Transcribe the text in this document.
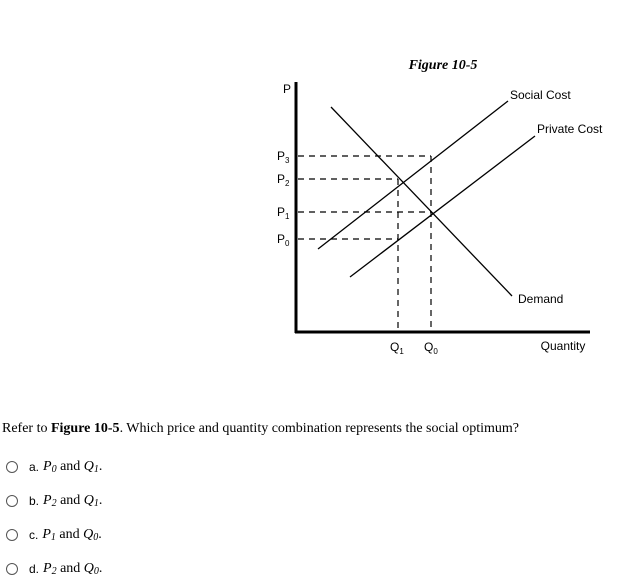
Figure 10-5
P
Quantity
$P_3$
$P_2$
$P_1$
$P_0$
$Q_1$ $Q_0$
Social Cost
Private Cost
Demand
Refer to Figure 10-5. Which price and quantity combination represents the social optimum?
a. $P_0$ and $Q_1$.
b. $P_2$ and $Q_1$.
c. $P_1$ and $Q_0$.
d. $P_2$ and $Q_0$.
